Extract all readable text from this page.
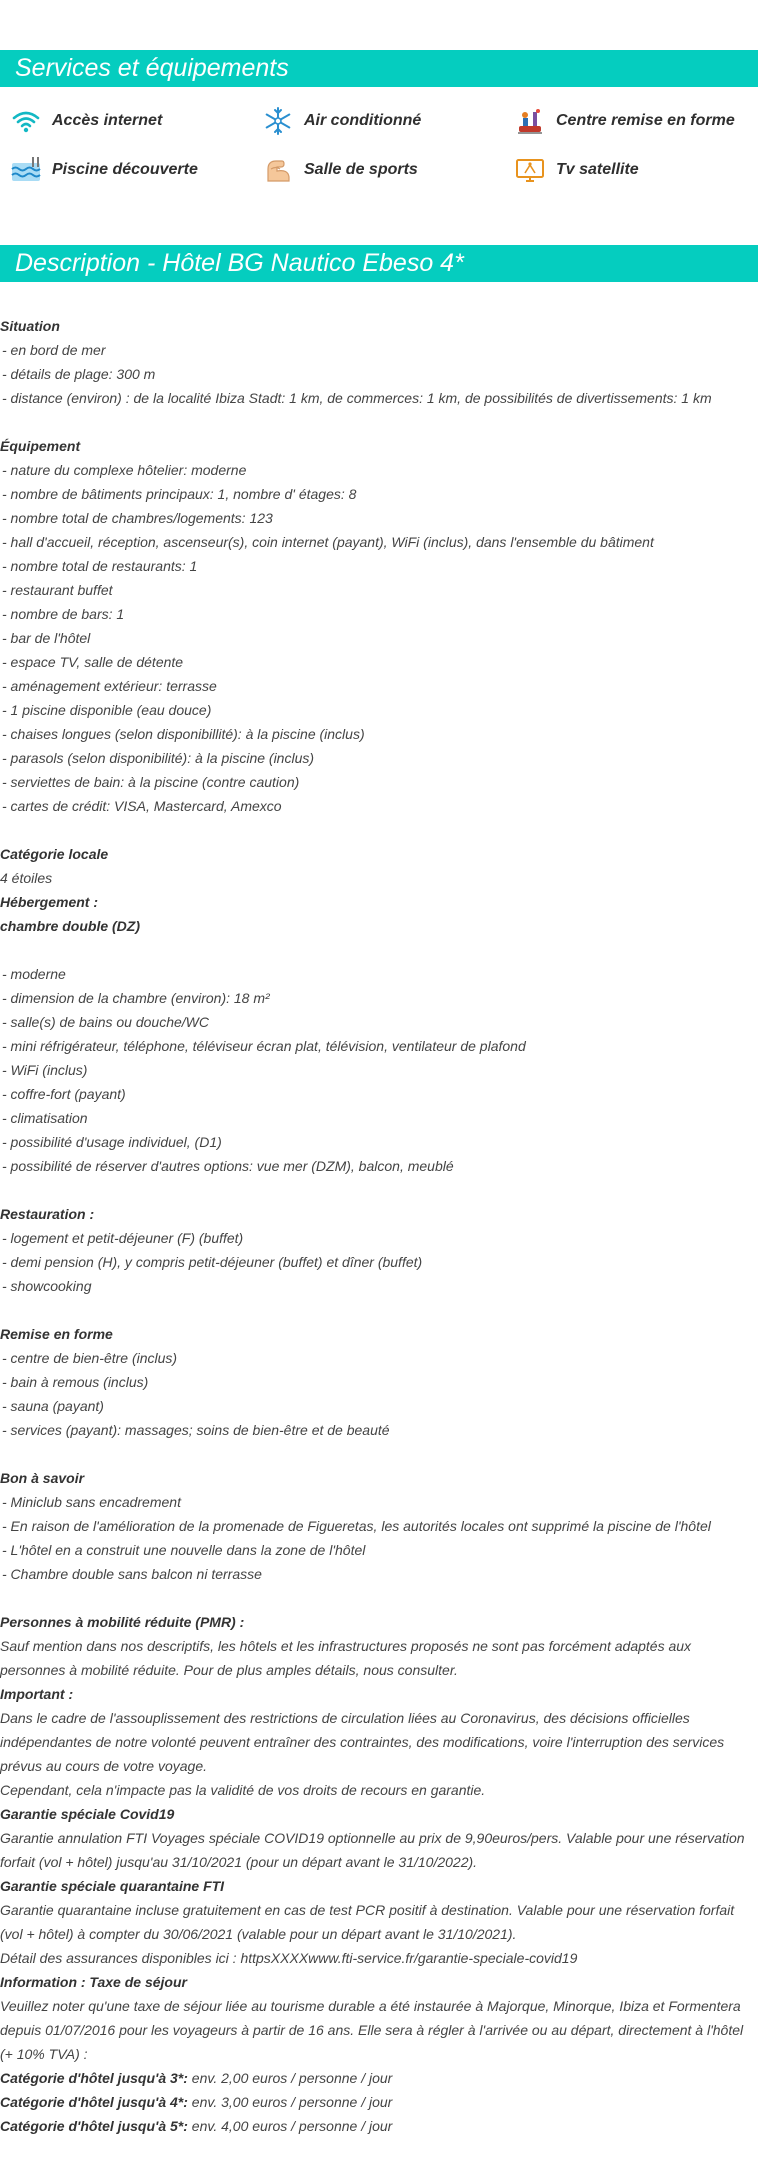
Services et équipements
Accès internet	Air conditionné	Centre remise en forme
Piscine découverte	Salle de sports	Tv satellite
Description - Hôtel BG Nautico Ebeso 4*
Situation
- en bord de mer
- détails de plage: 300 m
- distance (environ) : de la localité Ibiza Stadt: 1 km, de commerces: 1 km, de possibilités de divertissements: 1 km
Équipement
- nature du complexe hôtelier: moderne
- nombre de bâtiments principaux: 1, nombre d' étages: 8
- nombre total de chambres/logements: 123
- hall d'accueil, réception, ascenseur(s), coin internet (payant), WiFi (inclus), dans l'ensemble du bâtiment
- nombre total de restaurants: 1
- restaurant buffet
- nombre de bars: 1
- bar de l'hôtel
- espace TV, salle de détente
- aménagement extérieur: terrasse
- 1 piscine disponible (eau douce)
- chaises longues (selon disponibillité): à la piscine (inclus)
- parasols (selon disponibilité): à la piscine (inclus)
- serviettes de bain: à la piscine (contre caution)
- cartes de crédit: VISA, Mastercard, Amexco
Catégorie locale
4 étoiles
Hébergement :
chambre double (DZ)
- moderne
- dimension de la chambre (environ): 18 m²
- salle(s) de bains ou douche/WC
- mini réfrigérateur, téléphone, téléviseur écran plat, télévision, ventilateur de plafond
- WiFi (inclus)
- coffre-fort (payant)
- climatisation
- possibilité d'usage individuel, (D1)
- possibilité de réserver d'autres options: vue mer (DZM), balcon, meublé
Restauration :
- logement et petit-déjeuner (F) (buffet)
- demi pension (H), y compris petit-déjeuner (buffet) et dîner (buffet)
- showcooking
Remise en forme
- centre de bien-être (inclus)
- bain à remous (inclus)
- sauna (payant)
- services (payant): massages; soins de bien-être et de beauté
Bon à savoir
- Miniclub sans encadrement
- En raison de l'amélioration de la promenade de Figueretas, les autorités locales ont supprimé la piscine de l'hôtel
- L'hôtel en a construit une nouvelle dans la zone de l'hôtel
- Chambre double sans balcon ni terrasse
Personnes à mobilité réduite (PMR) :
Sauf mention dans nos descriptifs, les hôtels et les infrastructures proposés ne sont pas forcément adaptés aux personnes à mobilité réduite. Pour de plus amples détails, nous consulter.
Important :
Dans le cadre de l'assouplissement des restrictions de circulation liées au Coronavirus, des décisions officielles indépendantes de notre volonté peuvent entraîner des contraintes, des modifications, voire l'interruption des services prévus au cours de votre voyage.
Cependant, cela n'impacte pas la validité de vos droits de recours en garantie.
Garantie spéciale Covid19
Garantie annulation FTI Voyages spéciale COVID19 optionnelle au prix de 9,90euros/pers. Valable pour une réservation forfait (vol + hôtel) jusqu'au 31/10/2021 (pour un départ avant le 31/10/2022).
Garantie spéciale quarantaine FTI
Garantie quarantaine incluse gratuitement en cas de test PCR positif à destination. Valable pour une réservation forfait (vol + hôtel) à compter du 30/06/2021 (valable pour un départ avant le 31/10/2021).
Détail des assurances disponibles ici : httpsXXXXwww.fti-service.fr/garantie-speciale-covid19
Information : Taxe de séjour
Veuillez noter qu'une taxe de séjour liée au tourisme durable a été instaurée à Majorque, Minorque, Ibiza et Formentera depuis 01/07/2016 pour les voyageurs à partir de 16 ans. Elle sera à régler à l'arrivée ou au départ, directement à l'hôtel (+ 10% TVA) :
Catégorie d'hôtel jusqu'à 3*: env. 2,00 euros / personne / jour
Catégorie d'hôtel jusqu'à 4*: env. 3,00 euros / personne / jour
Catégorie d'hôtel jusqu'à 5*: env. 4,00 euros / personne / jour
